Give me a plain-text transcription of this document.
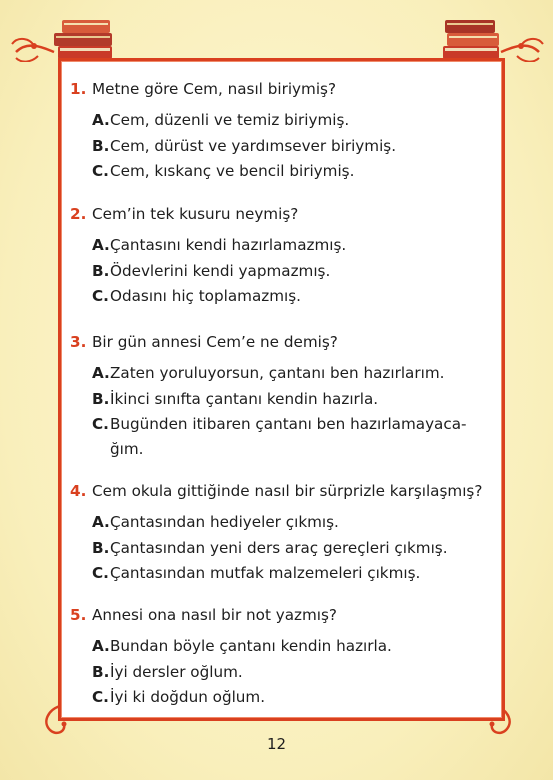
1. Metne göre Cem, nasıl biriymiş?
A. Cem, düzenli ve temiz biriymiş.
B. Cem, dürüst ve yardımsever biriymiş.
C. Cem, kıskanç ve bencil biriymiş.
2. Cem’in tek kusuru neymiş?
A. Çantasını kendi hazırlamazmış.
B. Ödevlerini kendi yapmazmış.
C. Odasını hiç toplamazmış.
3. Bir gün annesi Cem’e ne demiş?
A. Zaten yoruluyorsun, çantanı ben hazırlarım.
B. İkinci sınıfta çantanı kendin hazırla.
C. Bugünden itibaren çantanı ben hazırlamayaca-
ğım.
4. Cem okula gittiğinde nasıl bir sürprizle karşılaşmış?
A. Çantasından hediyeler çıkmış.
B. Çantasından yeni ders araç gereçleri çıkmış.
C. Çantasından mutfak malzemeleri çıkmış.
5. Annesi ona nasıl bir not yazmış?
A. Bundan böyle çantanı kendin hazırla.
B. İyi dersler oğlum.
C. İyi ki doğdun oğlum.
12
